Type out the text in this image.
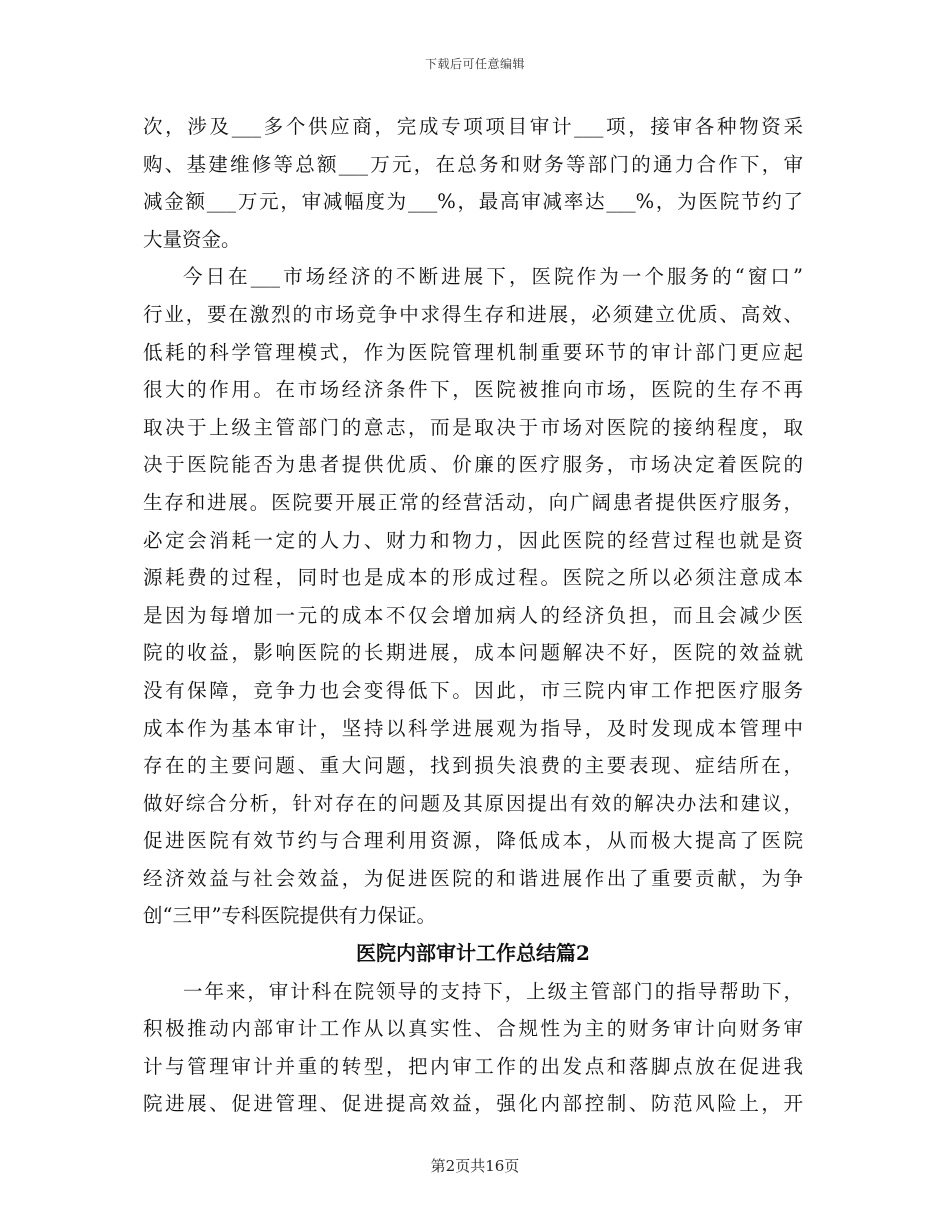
下载后可任意编辑
次，涉及___多个供应商，完成专项项目审计___项，接审各种物资采
购、基建维修等总额___万元，在总务和财务等部门的通力合作下，审
减金额___万元，审减幅度为___%，最高审减率达___%，为医院节约了
大量资金。
今日在___市场经济的不断进展下，医院作为一个服务的“窗口”
行业，要在激烈的市场竞争中求得生存和进展，必须建立优质、高效、
低耗的科学管理模式，作为医院管理机制重要环节的审计部门更应起
很大的作用。在市场经济条件下，医院被推向市场，医院的生存不再
取决于上级主管部门的意志，而是取决于市场对医院的接纳程度，取
决于医院能否为患者提供优质、价廉的医疗服务，市场决定着医院的
生存和进展。医院要开展正常的经营活动，向广阔患者提供医疗服务，
必定会消耗一定的人力、财力和物力，因此医院的经营过程也就是资
源耗费的过程，同时也是成本的形成过程。医院之所以必须注意成本
是因为每增加一元的成本不仅会增加病人的经济负担，而且会减少医
院的收益，影响医院的长期进展，成本问题解决不好，医院的效益就
没有保障，竞争力也会变得低下。因此，市三院内审工作把医疗服务
成本作为基本审计，坚持以科学进展观为指导，及时发现成本管理中
存在的主要问题、重大问题，找到损失浪费的主要表现、症结所在，
做好综合分析，针对存在的问题及其原因提出有效的解决办法和建议，
促进医院有效节约与合理利用资源，降低成本，从而极大提高了医院
经济效益与社会效益，为促进医院的和谐进展作出了重要贡献，为争
创“三甲”专科医院提供有力保证。
医院内部审计工作总结篇2
一年来，审计科在院领导的支持下，上级主管部门的指导帮助下，
积极推动内部审计工作从以真实性、合规性为主的财务审计向财务审
计与管理审计并重的转型，把内审工作的出发点和落脚点放在促进我
院进展、促进管理、促进提高效益，强化内部控制、防范风险上，开
第2页共16页
